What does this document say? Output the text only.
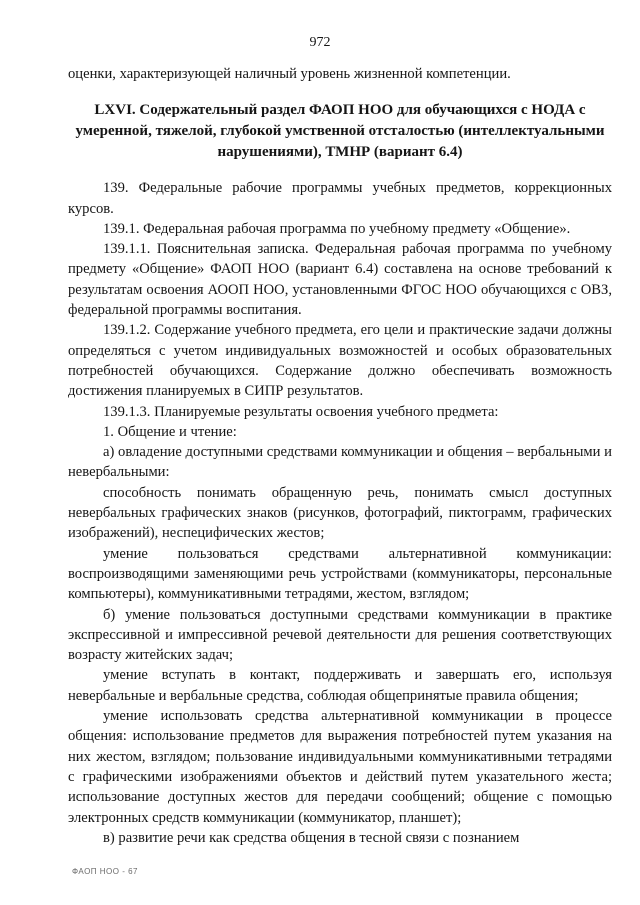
972

оценки, характеризующей наличный уровень жизненной компетенции.

LXVI. Содержательный раздел ФАОП НОО для обучающихся с НОДА с умеренной, тяжелой, глубокой умственной отсталостью (интеллектуальными нарушениями), ТМНР (вариант 6.4)

139. Федеральные рабочие программы учебных предметов, коррекционных курсов.

139.1. Федеральная рабочая программа по учебному предмету «Общение».

139.1.1. Пояснительная записка. Федеральная рабочая программа по учебному предмету «Общение» ФАОП НОО (вариант 6.4) составлена на основе требований к результатам освоения АООП НОО, установленными ФГОС НОО обучающихся с ОВЗ, федеральной программы воспитания.

139.1.2. Содержание учебного предмета, его цели и практические задачи должны определяться с учетом индивидуальных возможностей и особых образовательных потребностей обучающихся. Содержание должно обеспечивать возможность достижения планируемых в СИПР результатов.

139.1.3. Планируемые результаты освоения учебного предмета:

1. Общение и чтение:

а) овладение доступными средствами коммуникации и общения – вербальными и невербальными:

способность понимать обращенную речь, понимать смысл доступных невербальных графических знаков (рисунков, фотографий, пиктограмм, графических изображений), неспецифических жестов;

умение пользоваться средствами альтернативной коммуникации: воспроизводящими заменяющими речь устройствами (коммуникаторы, персональные компьютеры), коммуникативными тетрадями, жестом, взглядом;

б) умение пользоваться доступными средствами коммуникации в практике экспрессивной и импрессивной речевой деятельности для решения соответствующих возрасту житейских задач;

умение вступать в контакт, поддерживать и завершать его, используя невербальные и вербальные средства, соблюдая общепринятые правила общения;

умение использовать средства альтернативной коммуникации в процессе общения: использование предметов для выражения потребностей путем указания на них жестом, взглядом; пользование индивидуальными коммуникативными тетрадями с графическими изображениями объектов и действий путем указательного жеста; использование доступных жестов для передачи сообщений; общение с помощью электронных средств коммуникации (коммуникатор, планшет);

в) развитие речи как средства общения в тесной связи с познанием

ФАОП НОО - 67
